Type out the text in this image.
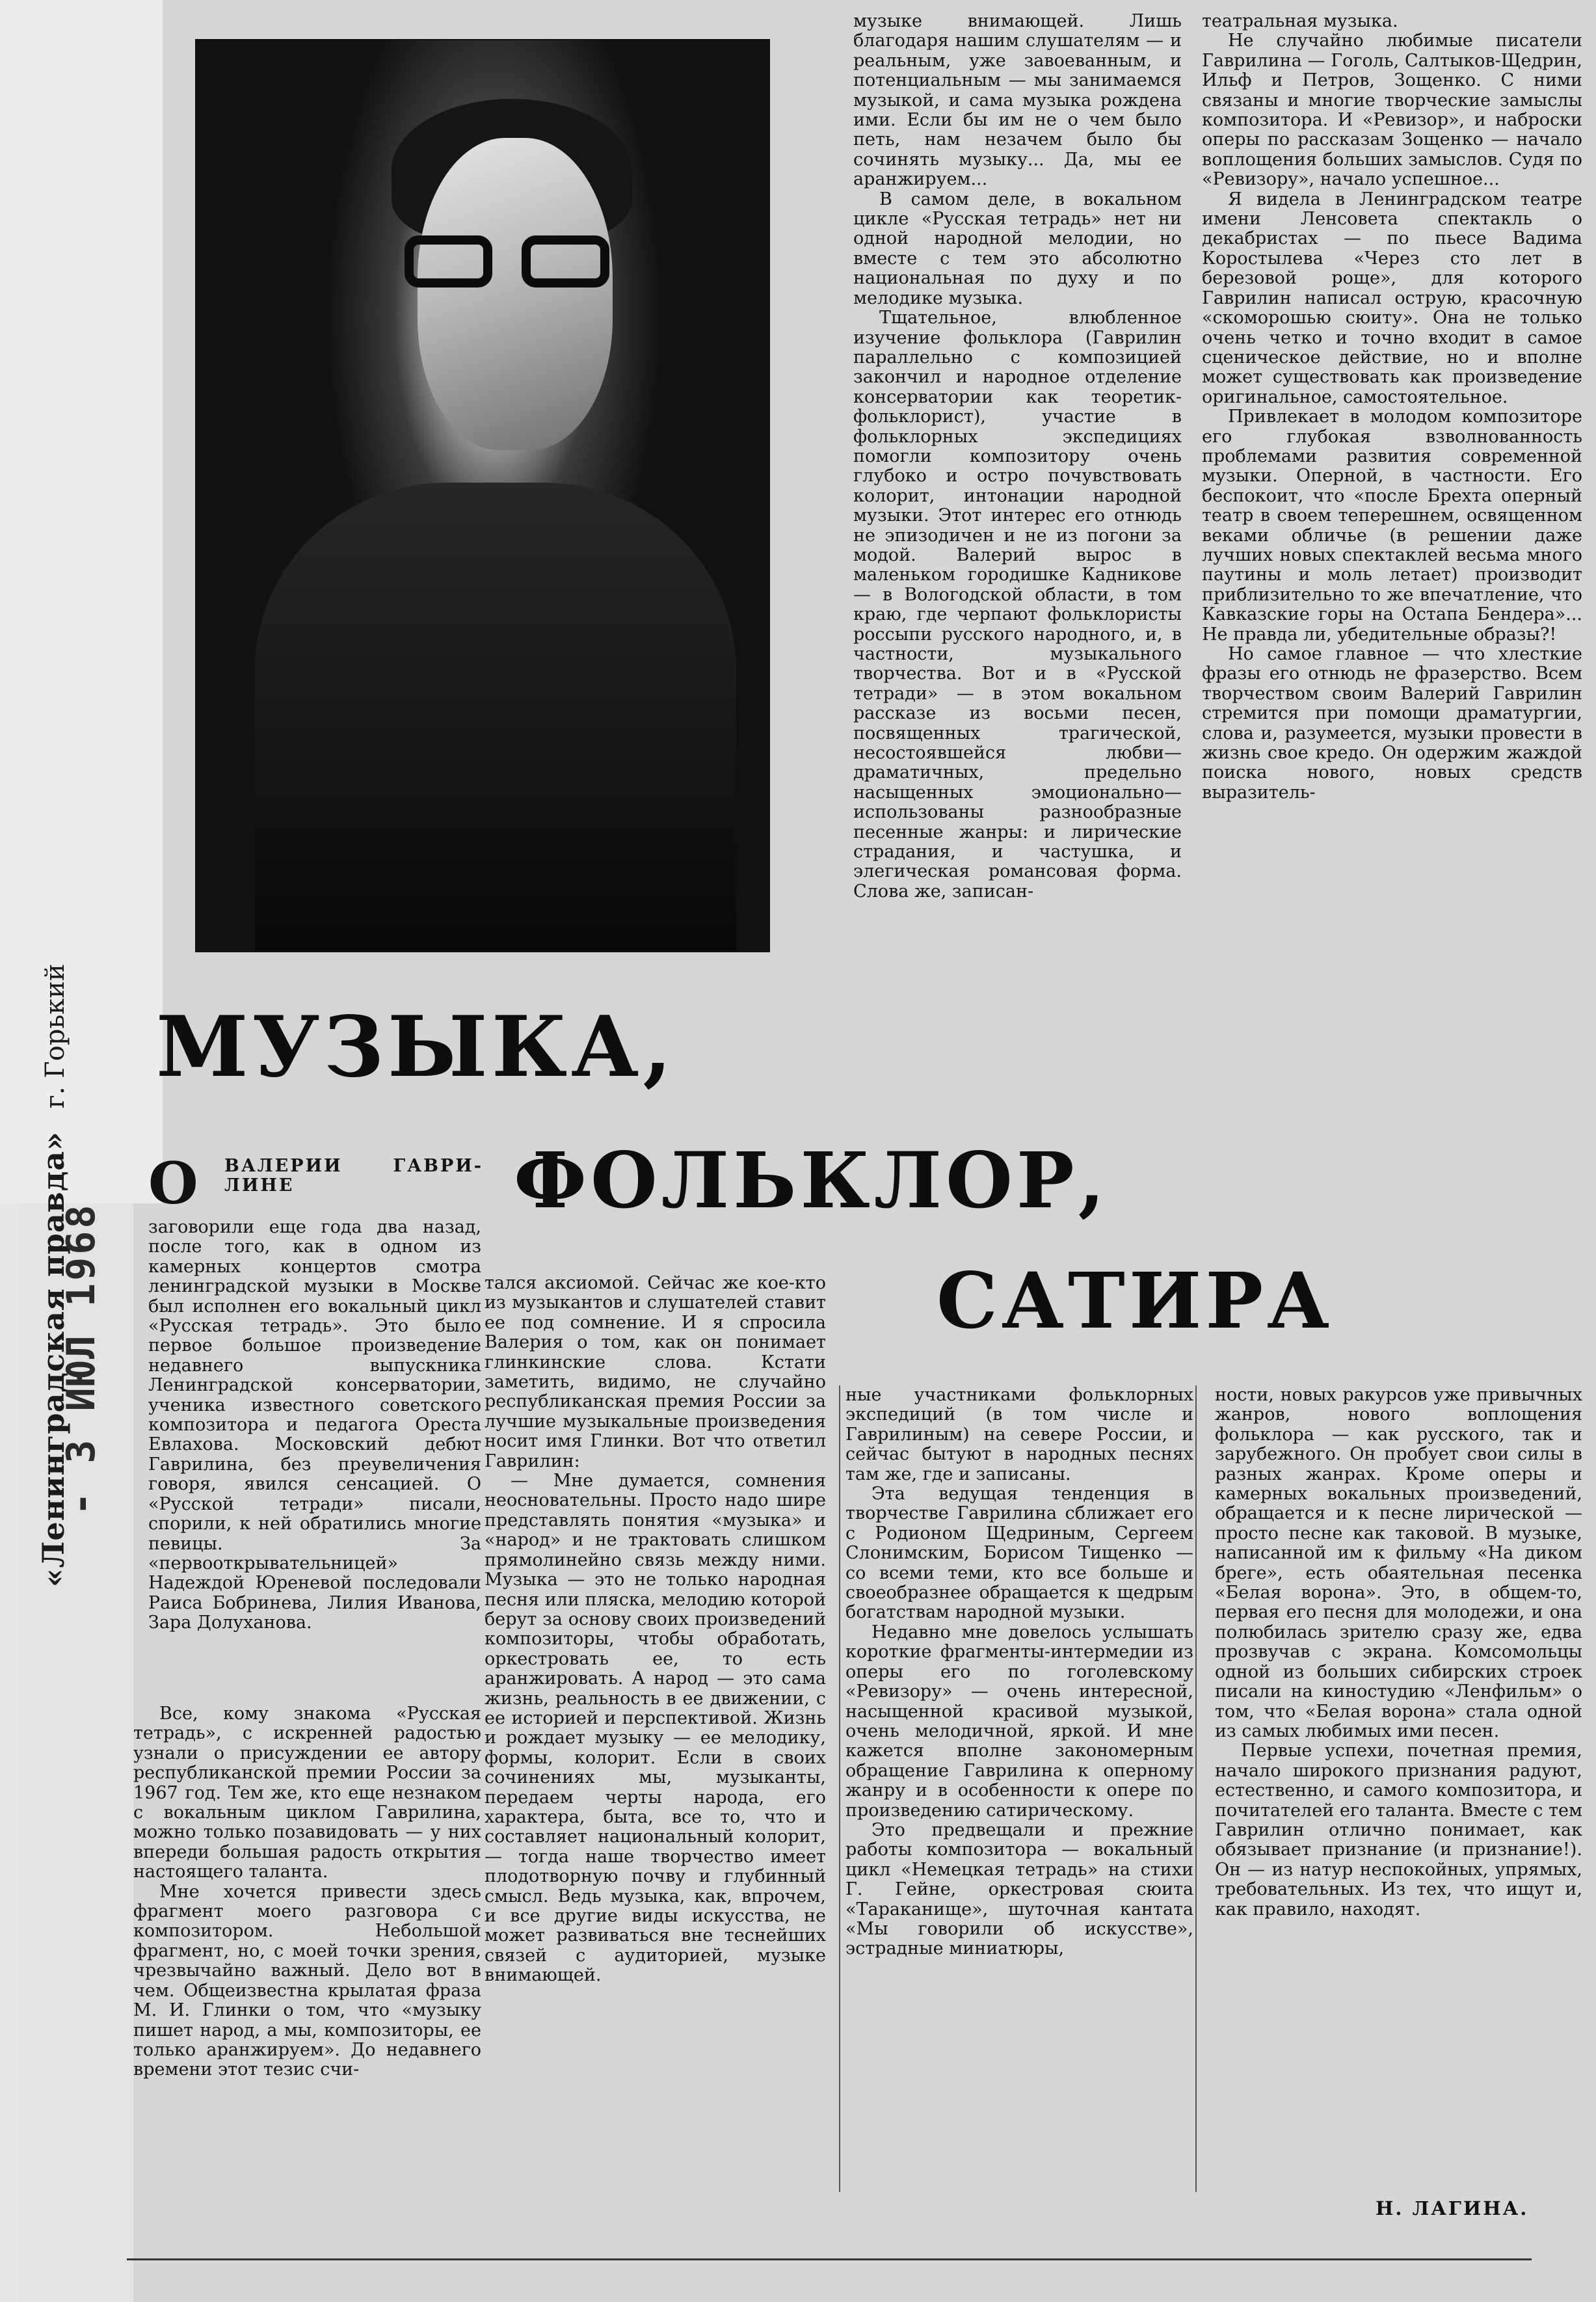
МУЗЫКА,
ФОЛЬКЛОР,
САТИРА
О ВАЛЕРИИ ГАВРИЛИНЕ

заговорили еще года два назад, после того, как в одном из камерных концертов смотра ленинградской музыки в Москве был исполнен его вокальный цикл «Русская тетрадь». Это было первое большое произведение недавнего выпускника Ленинградской консерватории, ученика известного советского композитора и педагога Ореста Евлахова. Московский дебют Гаврилина, без преувеличения говоря, явился сенсацией. О «Русской тетради» писали, спорили, к ней обратились многие певицы. За «первооткрывательницей» Надеждой Юреневой последовали Раиса Бобринева, Лилия Иванова, Зара Долуханова.

Все, кому знакома «Русская тетрадь», с искренней радостью узнали о присуждении ее автору республиканской премии России за 1967 год. Тем же, кто еще незнаком с вокальным циклом Гаврилина, можно только позавидовать — у них впереди большая радость открытия настоящего таланта.

Мне хочется привести здесь фрагмент моего разговора с композитором. Небольшой фрагмент, но, с моей точки зрения, чрезвычайно важный. Дело вот в чем. Общеизвестна крылатая фраза М. И. Глинки о том, что «музыку пишет народ, а мы, композиторы, ее только аранжируем». До недавнего времени этот тезис счи-

тался аксиомой. Сейчас же кое-кто из музыкантов и слушателей ставит ее под сомнение. И я спросила Валерия о том, как он понимает глинкинские слова. Кстати заметить, видимо, не случайно республиканская премия России за лучшие музыкальные произведения носит имя Глинки. Вот что ответил Гаврилин:

— Мне думается, сомнения неосновательны. Просто надо шире представлять понятия «музыка» и «народ» и не трактовать слишком прямолинейно связь между ними. Музыка — это не только народная песня или пляска, мелодию которой берут за основу своих произведений композиторы, чтобы обработать, оркестровать ее, то есть аранжировать. А народ — это сама жизнь, реальность в ее движении, с ее историей и перспективой. Жизнь и рождает музыку — ее мелодику, формы, колорит. Если в своих сочинениях мы, музыканты, передаем черты народа, его характера, быта, все то, что и составляет национальный колорит, — тогда наше творчество имеет плодотворную почву и глубинный смысл. Ведь музыка, как, впрочем, и все другие виды искусства, не может развиваться вне теснейших связей с аудиторией, музыке внимающей.

музыке внимающей. Лишь благодаря нашим слушателям — и реальным, уже завоеванным, и потенциальным — мы занимаемся музыкой, и сама музыка рождена ими. Если бы им не о чем было петь, нам незачем было бы сочинять музыку... Да, мы ее аранжируем...

В самом деле, в вокальном цикле «Русская тетрадь» нет ни одной народной мелодии, но вместе с тем это абсолютно национальная по духу и по мелодике музыка.

Тщательное, влюбленное изучение фольклора (Гаврилин параллельно с композицией закончил и народное отделение консерватории как теоретик-фольклорист), участие в фольклорных экспедициях помогли композитору очень глубоко и остро почувствовать колорит, интонации народной музыки. Этот интерес его отнюдь не эпизодичен и не из погони за модой. Валерий вырос в маленьком городишке Кадникове — в Вологодской области, в том краю, где черпают фольклористы россыпи русского народного, и, в частности, музыкального творчества. Вот и в «Русской тетради» — в этом вокальном рассказе из восьми песен, посвященных трагической, несостоявшейся любви—драматичных, предельно насыщенных эмоционально— использованы разнообразные песенные жанры: и лирические страдания, и частушка, и элегическая романсовая форма. Слова же, записан-

ные участниками фольклорных экспедиций (в том числе и Гаврилиным) на севере России, и сейчас бытуют в народных песнях там же, где и записаны.

Эта ведущая тенденция в творчестве Гаврилина сближает его с Родионом Щедриным, Сергеем Слонимским, Борисом Тищенко — со всеми теми, кто все больше и своеобразнее обращается к щедрым богатствам народной музыки.

Недавно мне довелось услышать короткие фрагменты-интермедии из оперы его по гоголевскому «Ревизору» — очень интересной, насыщенной красивой музыкой, очень мелодичной, яркой. И мне кажется вполне закономерным обращение Гаврилина к оперному жанру и в особенности к опере по произведению сатирическому.

Это предвещали и прежние работы композитора — вокальный цикл «Немецкая тетрадь» на стихи Г. Гейне, оркестровая сюита «Тараканище», шуточная кантата «Мы говорили об искусстве», эстрадные миниатюры,

театральная музыка.

Не случайно любимые писатели Гаврилина — Гоголь, Салтыков-Щедрин, Ильф и Петров, Зощенко. С ними связаны и многие творческие замыслы композитора. И «Ревизор», и наброски оперы по рассказам Зощенко — начало воплощения больших замыслов. Судя по «Ревизору», начало успешное...

Я видела в Ленинградском театре имени Ленсовета спектакль о декабристах — по пьесе Вадима Коростылева «Через сто лет в березовой роще», для которого Гаврилин написал острую, красочную «скоморошью сюиту». Она не только очень четко и точно входит в самое сценическое действие, но и вполне может существовать как произведение оригинальное, самостоятельное.

Привлекает в молодом композиторе его глубокая взволнованность проблемами развития современной музыки. Оперной, в частности. Его беспокоит, что «после Брехта оперный театр в своем теперешнем, освященном веками обличье (в решении даже лучших новых спектаклей весьма много паутины и моль летает) производит приблизительно то же впечатление, что Кавказские горы на Остапа Бендера»... Не правда ли, убедительные образы?!

Но самое главное — что хлесткие фразы его отнюдь не фразерство. Всем творчеством своим Валерий Гаврилин стремится при помощи драматургии, слова и, разумеется, музыки провести в жизнь свое кредо. Он одержим жаждой поиска нового, новых средств выразитель-

ности, новых ракурсов уже привычных жанров, нового воплощения фольклора — как русского, так и зарубежного. Он пробует свои силы в разных жанрах. Кроме оперы и камерных вокальных произведений, обращается и к песне лирической — просто песне как таковой. В музыке, написанной им к фильму «На диком бреге», есть обаятельная песенка «Белая ворона». Это, в общем-то, первая его песня для молодежи, и она полюбилась зрителю сразу же, едва прозвучав с экрана. Комсомольцы одной из больших сибирских строек писали на киностудию «Ленфильм» о том, что «Белая ворона» стала одной из самых любимых ими песен.

Первые успехи, почетная премия, начало широкого признания радуют, естественно, и самого композитора, и почитателей его таланта. Вместе с тем Гаврилин отлично понимает, как обязывает признание (и признание!). Он — из натур неспокойных, упрямых, требовательных. Из тех, что ищут и, как правило, находят.

Н. ЛАГИНА.
«Ленинградская правда» г. Горький
- 3 ИЮЛ 1968
